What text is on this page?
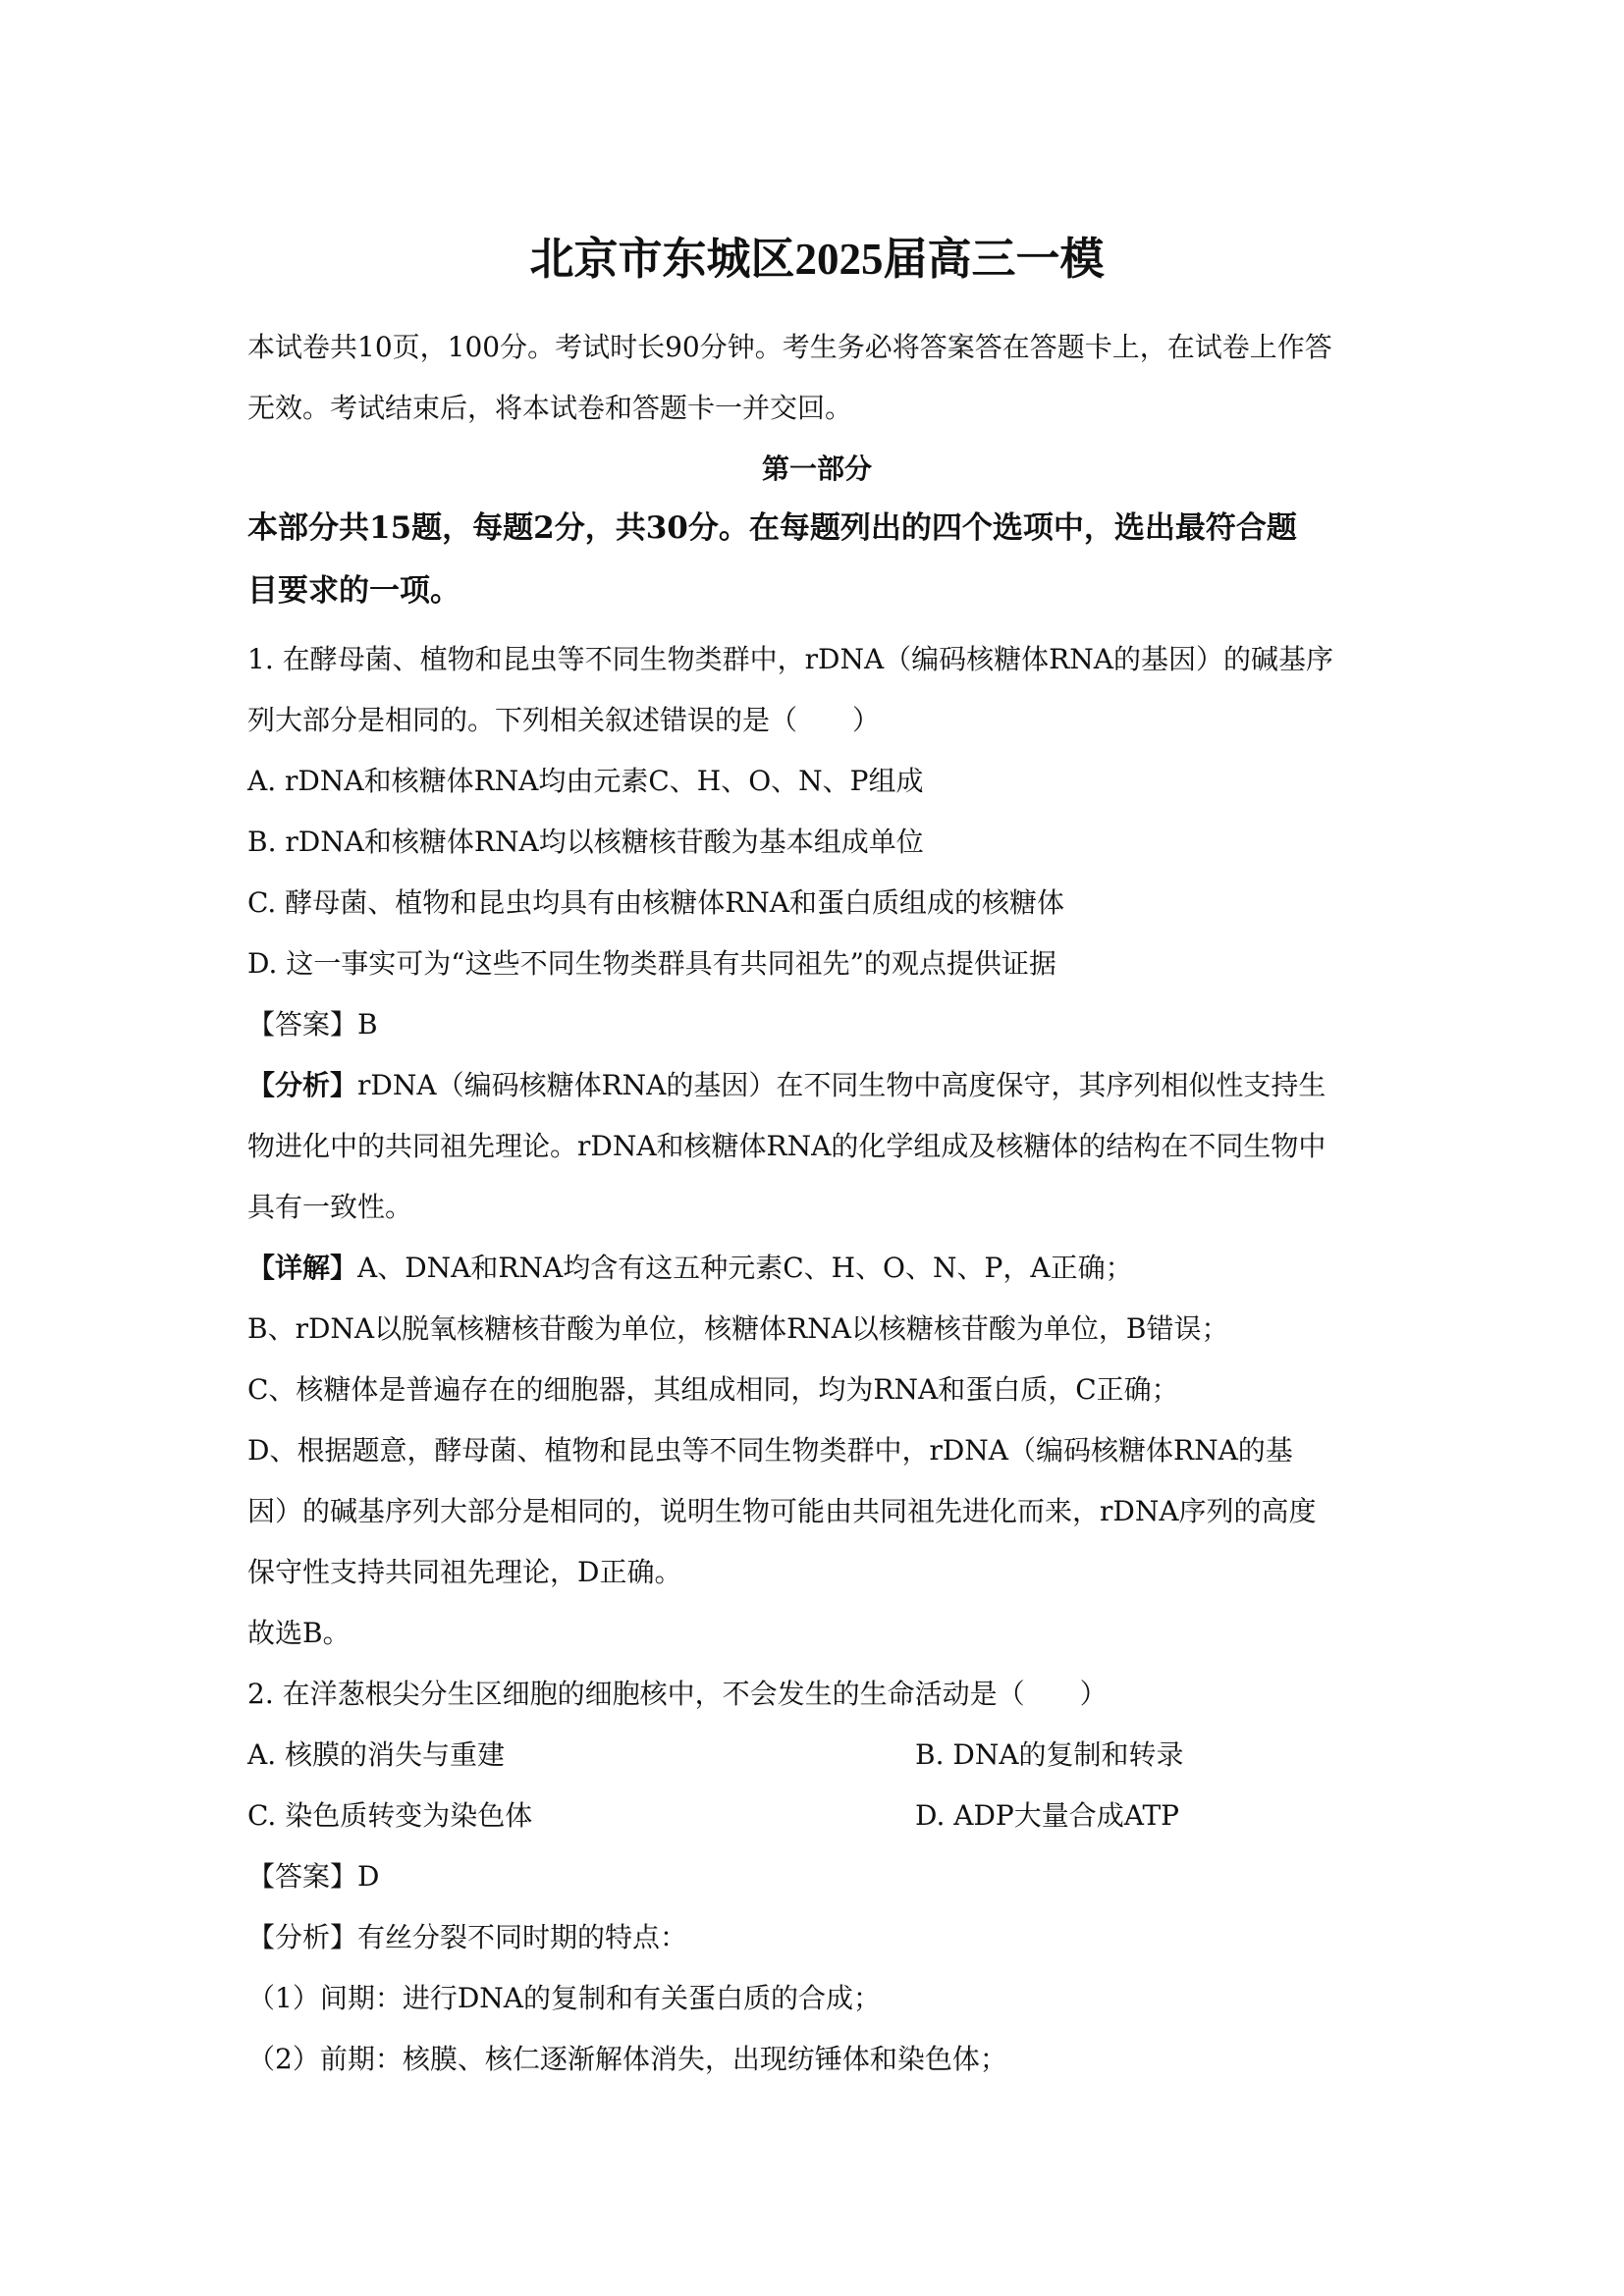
北京市东城区2025届高三一模
本试卷共10页，100分。考试时长90分钟。考生务必将答案答在答题卡上，在试卷上作答
无效。考试结束后，将本试卷和答题卡一并交回。
第一部分
本部分共15题，每题2分，共30分。在每题列出的四个选项中，选出最符合题
目要求的一项。
1. 在酵母菌、植物和昆虫等不同生物类群中，rDNA（编码核糖体RNA的基因）的碱基序
列大部分是相同的。下列相关叙述错误的是（　　）
A. rDNA和核糖体RNA均由元素C、H、O、N、P组成
B. rDNA和核糖体RNA均以核糖核苷酸为基本组成单位
C. 酵母菌、植物和昆虫均具有由核糖体RNA和蛋白质组成的核糖体
D. 这一事实可为“这些不同生物类群具有共同祖先”的观点提供证据
【答案】B
【分析】rDNA（编码核糖体RNA的基因）在不同生物中高度保守，其序列相似性支持生
物进化中的共同祖先理论。rDNA和核糖体RNA的化学组成及核糖体的结构在不同生物中
具有一致性。
【详解】A、DNA和RNA均含有这五种元素C、H、O、N、P，A正确；
B、rDNA以脱氧核糖核苷酸为单位，核糖体RNA以核糖核苷酸为单位，B错误；
C、核糖体是普遍存在的细胞器，其组成相同，均为RNA和蛋白质，C正确；
D、根据题意，酵母菌、植物和昆虫等不同生物类群中，rDNA（编码核糖体RNA的基
因）的碱基序列大部分是相同的，说明生物可能由共同祖先进化而来，rDNA序列的高度
保守性支持共同祖先理论，D正确。
故选B。
2. 在洋葱根尖分生区细胞的细胞核中，不会发生的生命活动是（　　）
A. 核膜的消失与重建	B. DNA的复制和转录
C. 染色质转变为染色体	D. ADP大量合成ATP
【答案】D
【分析】有丝分裂不同时期的特点：
（1）间期：进行DNA的复制和有关蛋白质的合成；
（2）前期：核膜、核仁逐渐解体消失，出现纺锤体和染色体；
